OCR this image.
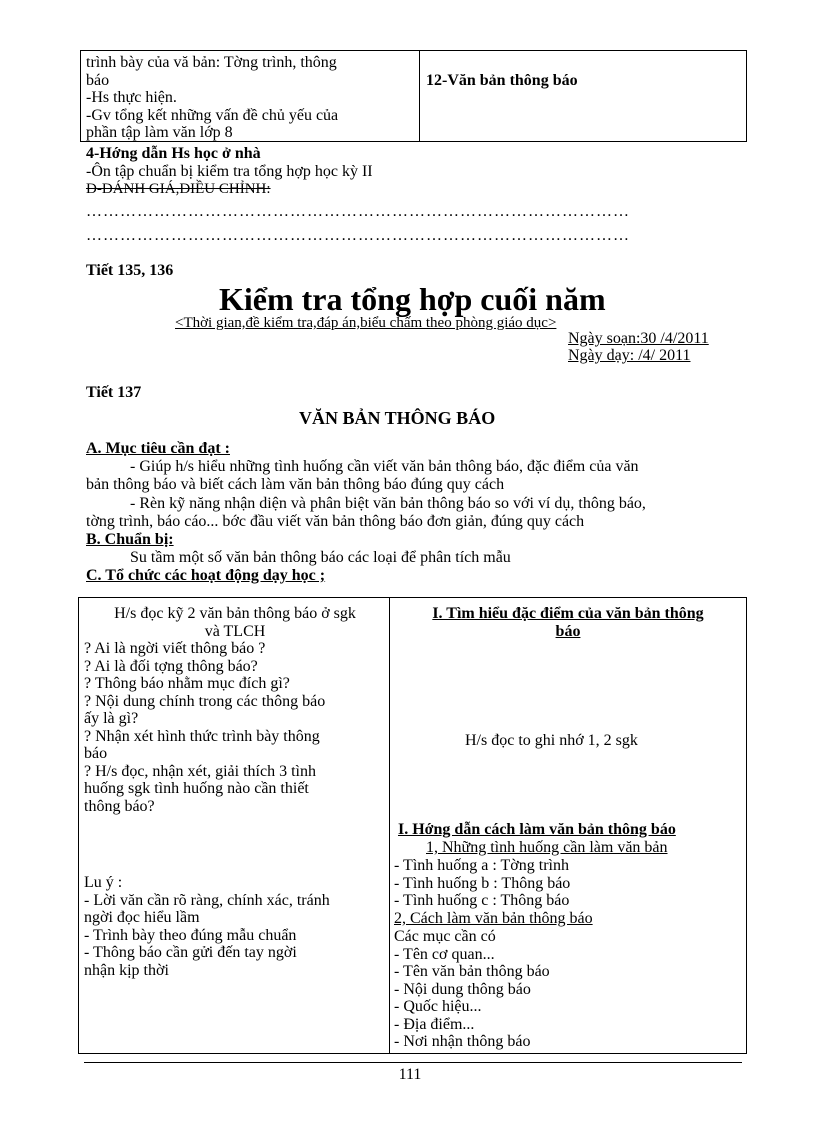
trình bày của vă bản: Tờng trình, thông
báo
-Hs thực hiện.
-Gv tổng kết những vấn đề chủ yếu của
phần tập làm văn lớp 8
12-Văn bản thông báo
4-Hớng dẫn Hs học ở nhà
-Ôn tập chuẩn bị kiểm tra tổng hợp học kỳ II
Đ-ĐÁNH GIÁ,ĐIỀU CHỈNH:
……………………………………………………………………………………
……………………………………………………………………………………
Tiết 135, 136
Kiểm tra tổng hợp cuối năm
<Thời gian,đề kiểm tra,đáp án,biểu chấm theo phòng giáo dục>
Ngày soạn:30 /4/2011
Ngày dạy: /4/ 2011
Tiết 137
VĂN BẢN THÔNG BÁO
A. Mục tiêu cần đạt :
- Giúp h/s hiểu những tình huống cần viết văn bản thông báo, đặc điểm của văn
bản thông báo và biết cách làm văn bản thông báo đúng quy cách
- Rèn kỹ năng nhận diện và phân biệt văn bản thông báo so với ví dụ, thông báo,
tờng trình, báo cáo... bớc đầu viết văn bản thông báo đơn giản, đúng quy cách
B. Chuẩn bị:
Su tầm một số văn bản thông báo các loại để phân tích mẫu
C. Tổ chức các hoạt động dạy học ;
H/s đọc kỹ 2 văn bản thông báo ở sgk
và TLCH
? Ai là ngời viết thông báo ?
? Ai là đối tợng thông báo?
? Thông báo nhằm mục đích gì?
? Nội dung chính trong các thông báo
ấy là gì?
? Nhận xét hình thức trình bày thông
báo
? H/s đọc, nhận xét, giải thích 3 tình
huống sgk tình huống nào cần thiết
thông báo?
Lu ý :
- Lời văn cần rõ ràng, chính xác, tránh
ngời đọc hiểu lầm
- Trình bày theo đúng mẫu chuẩn
- Thông báo cần gửi đến tay ngời
nhận kịp thời
I. Tìm hiểu đặc điểm của văn bản thông
báo
H/s đọc to ghi nhớ 1, 2 sgk
I. Hớng dẫn cách làm văn bản thông báo
1, Những tình huống cần làm văn bản
- Tình huống a : Tờng trình
- Tình huống b : Thông báo
- Tình huống c : Thông báo
2, Cách làm văn bản thông báo
Các mục cần có
- Tên cơ quan...
- Tên văn bản thông báo
- Nội dung thông báo
- Quốc hiệu...
- Địa điểm...
- Nơi nhận thông báo
111
